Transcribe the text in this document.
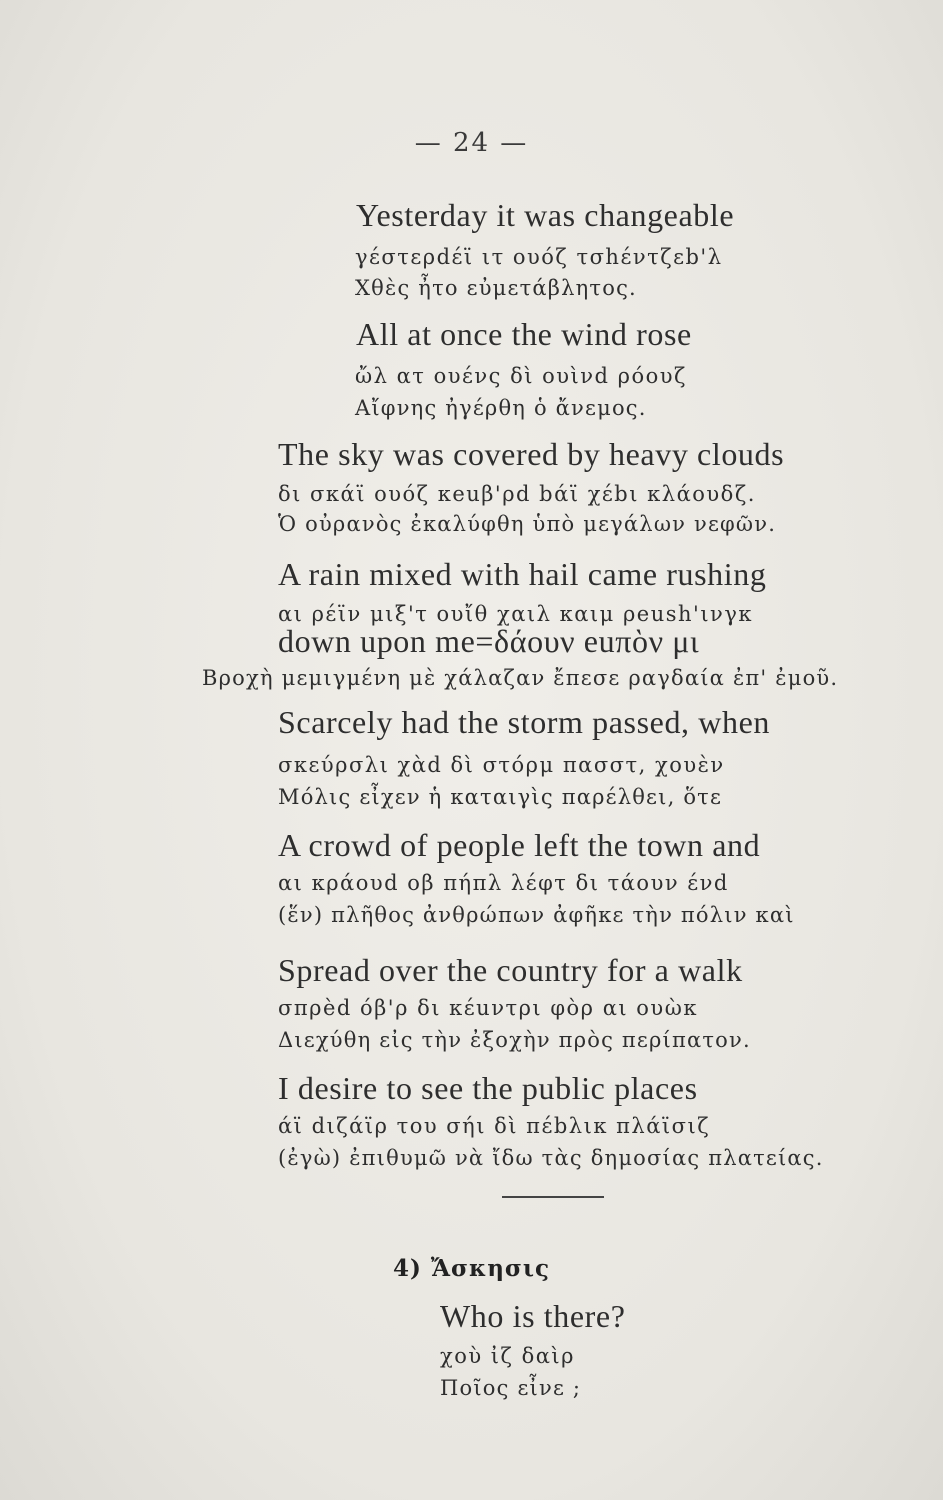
— 24 —
Yesterday it was changeable
γέστερdέϊ ιτ ουόζ τσhέντζεb'λ
Χθὲς ἦτο εὐμετάβλητος.
All at once the wind rose
ὤλ ατ ουένς δὶ ουὶνd ρόουζ
Αἴφνης ἠγέρθη ὁ ἄνεμος.
The sky was covered by heavy clouds
δι σκάϊ ουόζ κeuβ'ρd bάϊ χέbι κλάουδζ.
Ὁ οὐρανὸς ἐκαλύφθη ὑπὸ μεγάλων νεφῶν.
A rain mixed with hail came rushing
αι ρέϊν μιξ'τ ουἴθ χαιλ καιμ ρeush'ινγκ
down upon me=δάουν euπὸν μι
Βροχὴ μεμιγμένη μὲ χάλαζαν ἔπεσε ραγδαία ἐπ' ἐμοῦ.
Scarcely had the storm passed, when
σκεύρσλι χὰd δὶ στόρμ πασστ, χουὲν
Μόλις εἶχεν ἡ καταιγὶς παρέλθει, ὅτε
A crowd of people left the town and
αι κράουd οβ πήπλ λέφτ δι τάουν ένd
(ἕν) πλῆθος ἀνθρώπων ἀφῆκε τὴν πόλιν καὶ
Spread over the country for a walk
σπρèd όβ'ρ δι κέuντρι φὸρ αι ουὼκ
Διεχύθη εἰς τὴν ἐξοχὴν πρὸς περίπατον.
I desire to see the public places
άϊ dιζάϊρ του σήι δὶ πέbλικ πλάϊσιζ
(ἐγὼ) ἐπιθυμῶ νὰ ἴδω τὰς δημοσίας πλατείας.
4) Ἄσκησις
Who is there?
χοὺ ἰζ δαὶρ
Ποῖος εἶνε ;
